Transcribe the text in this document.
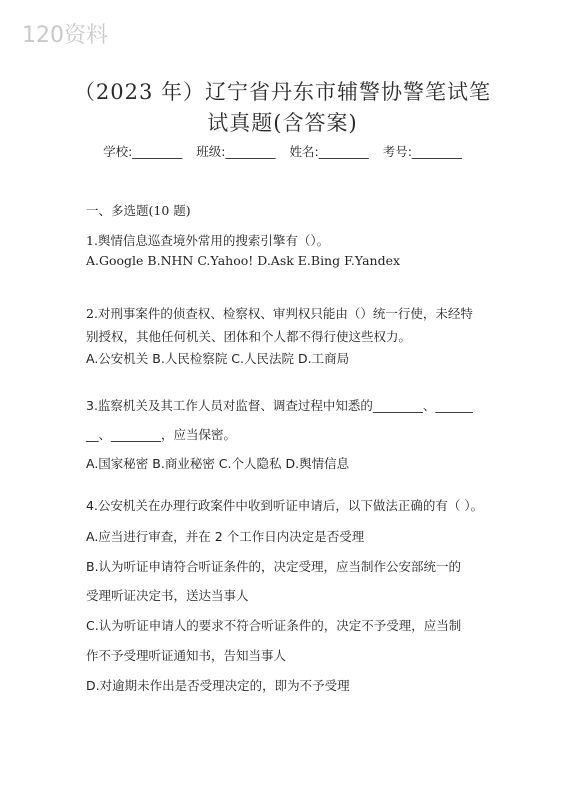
120资料
（2023 年）辽宁省丹东市辅警协警笔试笔
试真题(含答案)
学校:________ 班级:________ 姓名:________ 考号:________
一、多选题(10 题)
1.舆情信息巡查境外常用的搜索引擎有（）。
A.Google B.NHN C.Yahoo! D.Ask E.Bing F.Yandex
2.对刑事案件的侦查权、检察权、审判权只能由（）统一行使，未经特
别授权，其他任何机关、团体和个人都不得行使这些权力。
A.公安机关 B.人民检察院 C.人民法院 D.工商局
3.监察机关及其工作人员对监督、调查过程中知悉的________、______
__、________，应当保密。
A.国家秘密 B.商业秘密 C.个人隐私 D.舆情信息
4.公安机关在办理行政案件中收到听证申请后，以下做法正确的有（ ）。
A.应当进行审查，并在 2 个工作日内决定是否受理
B.认为听证申请符合听证条件的，决定受理，应当制作公安部统一的
受理听证决定书，送达当事人
C.认为听证申请人的要求不符合听证条件的，决定不予受理，应当制
作不予受理听证通知书，告知当事人
D.对逾期未作出是否受理决定的，即为不予受理
